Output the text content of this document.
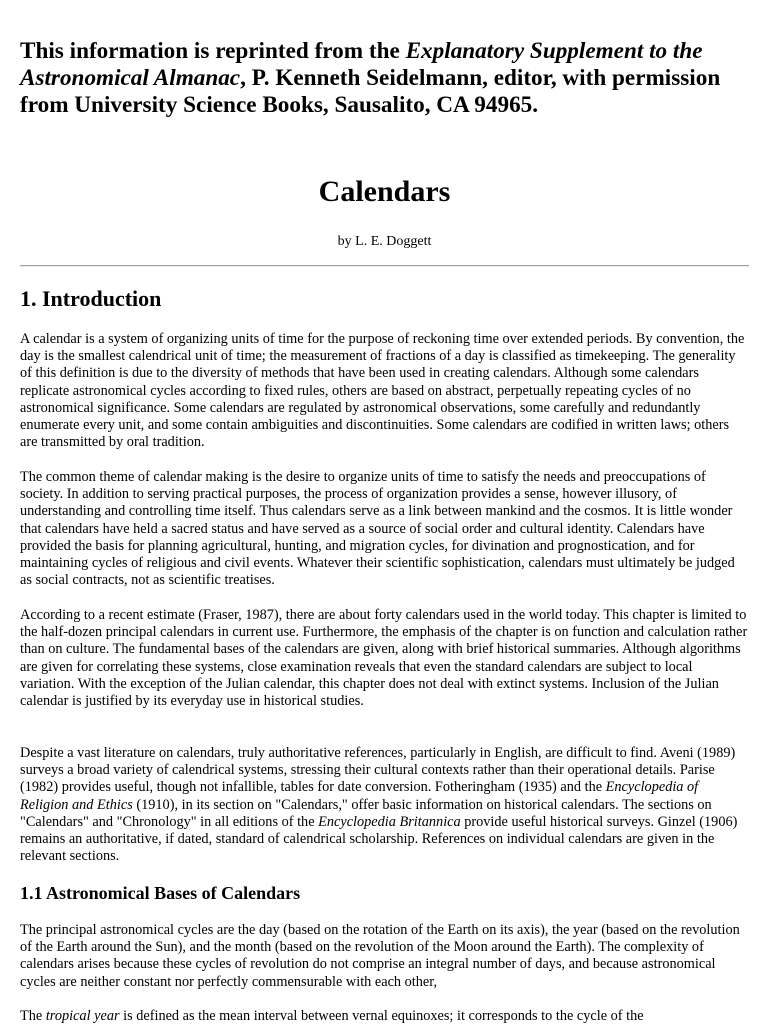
This information is reprinted from the Explanatory Supplement to the Astronomical Almanac, P. Kenneth Seidelmann, editor, with permission from University Science Books, Sausalito, CA 94965.

Calendars

by L. E. Doggett

1. Introduction

A calendar is a system of organizing units of time for the purpose of reckoning time over extended periods. By convention, the day is the smallest calendrical unit of time; the measurement of fractions of a day is classified as timekeeping. The generality of this definition is due to the diversity of methods that have been used in creating calendars. Although some calendars replicate astronomical cycles according to fixed rules, others are based on abstract, perpetually repeating cycles of no astronomical significance. Some calendars are regulated by astronomical observations, some carefully and redundantly enumerate every unit, and some contain ambiguities and discontinuities. Some calendars are codified in written laws; others are transmitted by oral tradition.

The common theme of calendar making is the desire to organize units of time to satisfy the needs and preoccupations of society. In addition to serving practical purposes, the process of organization provides a sense, however illusory, of understanding and controlling time itself. Thus calendars serve as a link between mankind and the cosmos. It is little wonder that calendars have held a sacred status and have served as a source of social order and cultural identity. Calendars have provided the basis for planning agricultural, hunting, and migration cycles, for divination and prognostication, and for maintaining cycles of religious and civil events. Whatever their scientific sophistication, calendars must ultimately be judged as social contracts, not as scientific treatises.

According to a recent estimate (Fraser, 1987), there are about forty calendars used in the world today. This chapter is limited to the half-dozen principal calendars in current use. Furthermore, the emphasis of the chapter is on function and calculation rather than on culture. The fundamental bases of the calendars are given, along with brief historical summaries. Although algorithms are given for correlating these systems, close examination reveals that even the standard calendars are subject to local variation. With the exception of the Julian calendar, this chapter does not deal with extinct systems. Inclusion of the Julian calendar is justified by its everyday use in historical studies.

Despite a vast literature on calendars, truly authoritative references, particularly in English, are difficult to find. Aveni (1989) surveys a broad variety of calendrical systems, stressing their cultural contexts rather than their operational details. Parise (1982) provides useful, though not infallible, tables for date conversion. Fotheringham (1935) and the Encyclopedia of Religion and Ethics (1910), in its section on "Calendars," offer basic information on historical calendars. The sections on "Calendars" and "Chronology" in all editions of the Encyclopedia Britannica provide useful historical surveys. Ginzel (1906) remains an authoritative, if dated, standard of calendrical scholarship. References on individual calendars are given in the relevant sections.

1.1 Astronomical Bases of Calendars

The principal astronomical cycles are the day (based on the rotation of the Earth on its axis), the year (based on the revolution of the Earth around the Sun), and the month (based on the revolution of the Moon around the Earth). The complexity of calendars arises because these cycles of revolution do not comprise an integral number of days, and because astronomical cycles are neither constant nor perfectly commensurable with each other,

The tropical year is defined as the mean interval between vernal equinoxes; it corresponds to the cycle of the
